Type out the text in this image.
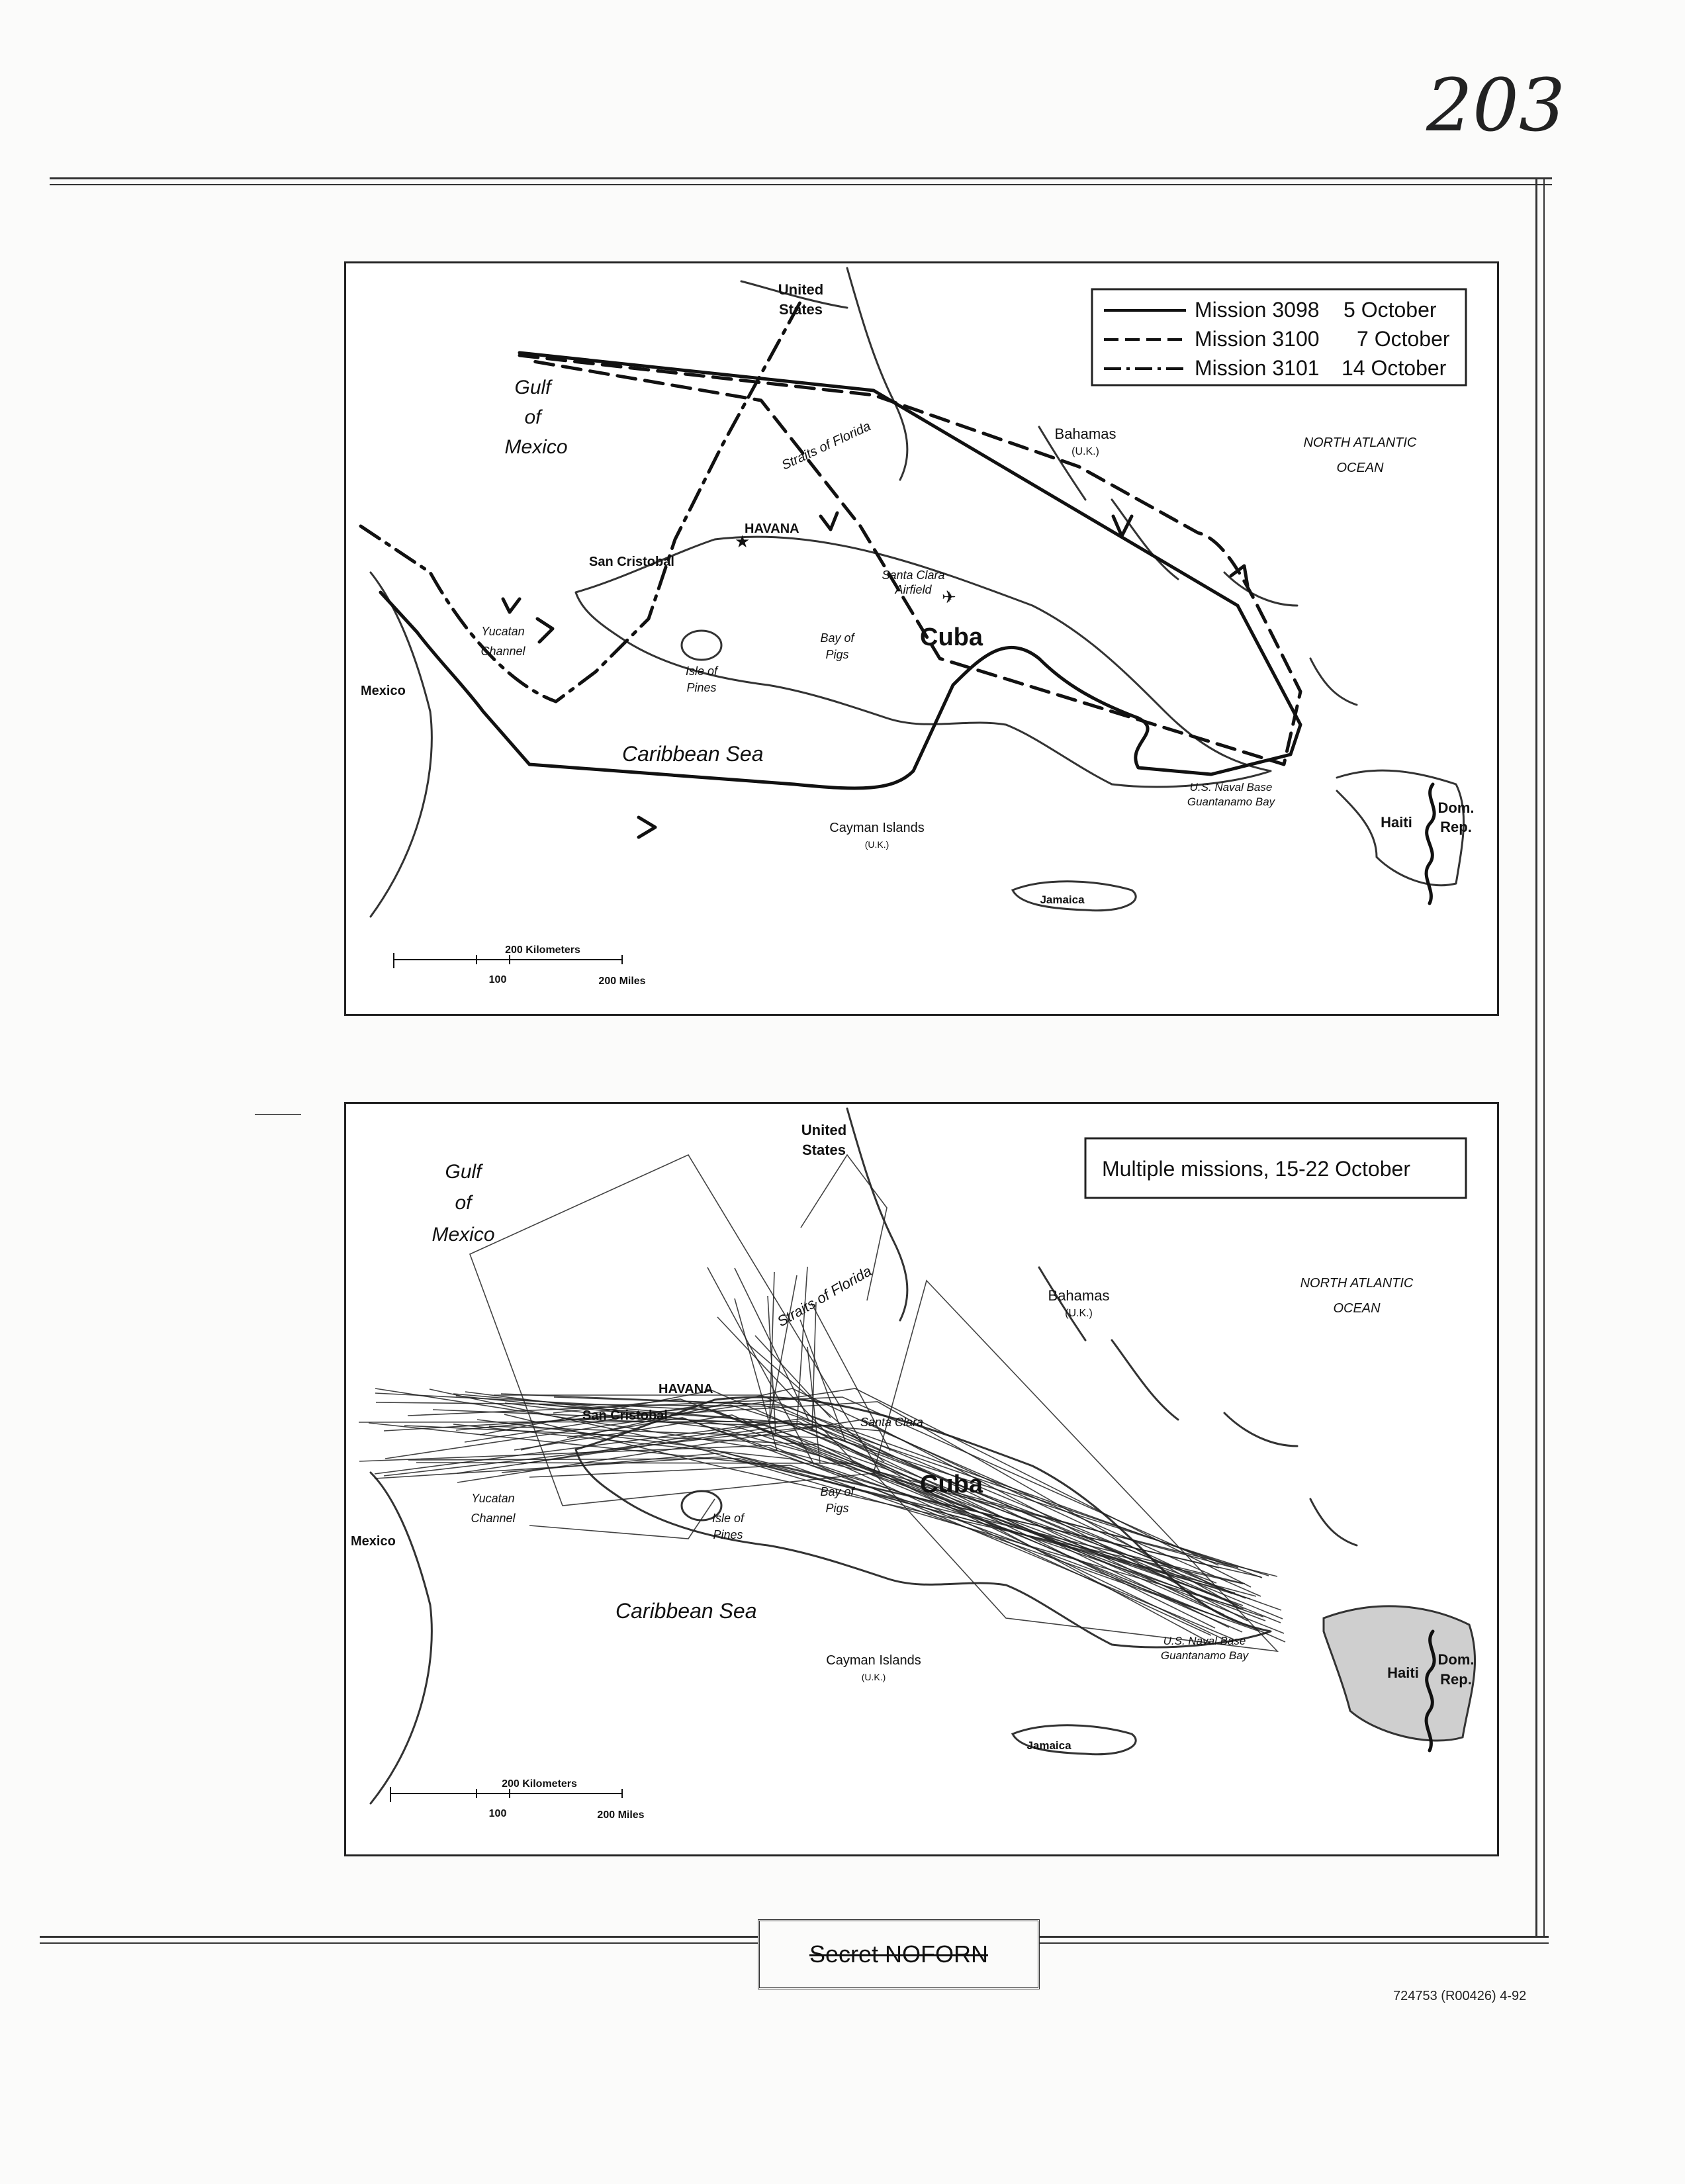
203
Mission 3098 5 October
Mission 3100 7 October
Mission 3101 14 October
United
States
Gulf
of
Mexico
Bahamas
(U.K.)
NORTH ATLANTIC
OCEAN
Straits of Florida
HAVANA
★
San Cristobal
Santa Clara
Airfield ✈
Cuba
Yucatan
Channel
Bay of
Pigs
Isle of
Pines
Mexico
Caribbean Sea
U.S. Naval Base
Guantanamo Bay
Cayman Islands
(U.K.)
Haiti
Dom.
Rep.
Jamaica
200 Kilometers
100	200 Miles
Multiple missions, 15-22 October
United
States
Gulf
of
Mexico
Bahamas
(U.K.)
NORTH ATLANTIC
OCEAN
Straits of Florida
HAVANA
San Cristobal	Santa Clara
Cuba
Yucatan
Channel
Bay of
Pigs
Isle of
Pines
Mexico
Caribbean Sea
U.S. Naval Base
Guantanamo Bay
Cayman Islands
(U.K.)	Haiti
Dom.
Rep.
Jamaica
200 Kilometers
100	200 Miles
Secret NOFORN
724753 (R00426) 4-92
